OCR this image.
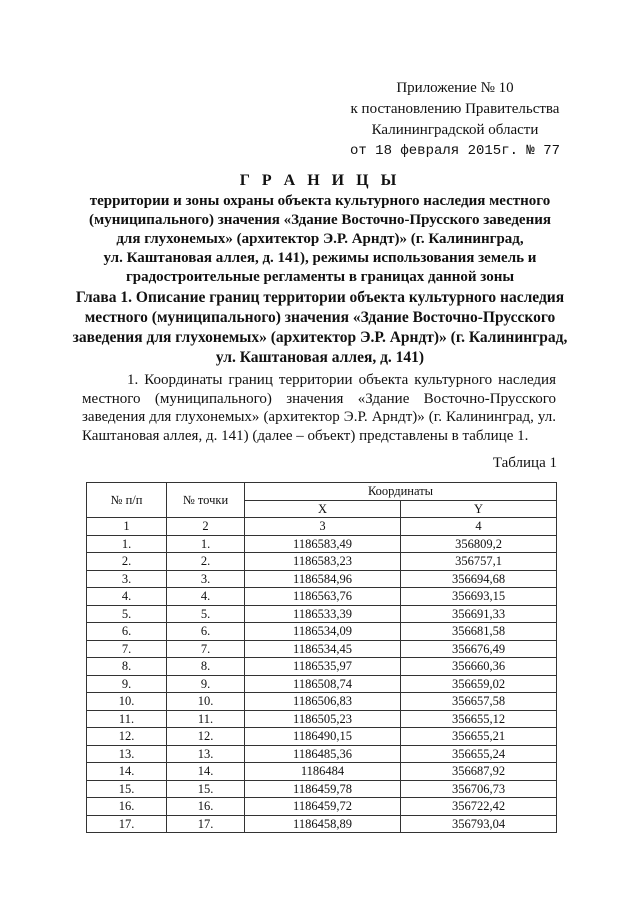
Приложение № 10
к постановлению Правительства
Калининградской области
от 18 февраля 2015г. № 77
Г Р А Н И Ц Ы
территории и зоны охраны объекта культурного наследия местного
(муниципального) значения «Здание Восточно-Прусского заведения
для глухонемых» (архитектор Э.Р. Арндт)» (г. Калининград,
ул. Каштановая аллея, д. 141), режимы использования земель и
градостроительные регламенты в границах данной зоны
Глава 1. Описание границ территории объекта культурного наследия
местного (муниципального) значения «Здание Восточно-Прусского
заведения для глухонемых» (архитектор Э.Р. Арндт)» (г. Калининград,
ул. Каштановая аллея, д. 141)
1. Координаты границ территории объекта культурного наследия местного (муниципального) значения «Здание Восточно-Прусского заведения для глухонемых» (архитектор Э.Р. Арндт)» (г. Калининград, ул. Каштановая аллея, д. 141) (далее – объект) представлены в таблице 1.
Таблица 1
№ п/п	№ точки	Координаты	
		X	Y
1	2	3	4
1.	1.	1186583,49	356809,2
2.	2.	1186583,23	356757,1
3.	3.	1186584,96	356694,68
4.	4.	1186563,76	356693,15
5.	5.	1186533,39	356691,33
6.	6.	1186534,09	356681,58
7.	7.	1186534,45	356676,49
8.	8.	1186535,97	356660,36
9.	9.	1186508,74	356659,02
10.	10.	1186506,83	356657,58
11.	11.	1186505,23	356655,12
12.	12.	1186490,15	356655,21
13.	13.	1186485,36	356655,24
14.	14.	1186484	356687,92
15.	15.	1186459,78	356706,73
16.	16.	1186459,72	356722,42
17.	17.	1186458,89	356793,04
